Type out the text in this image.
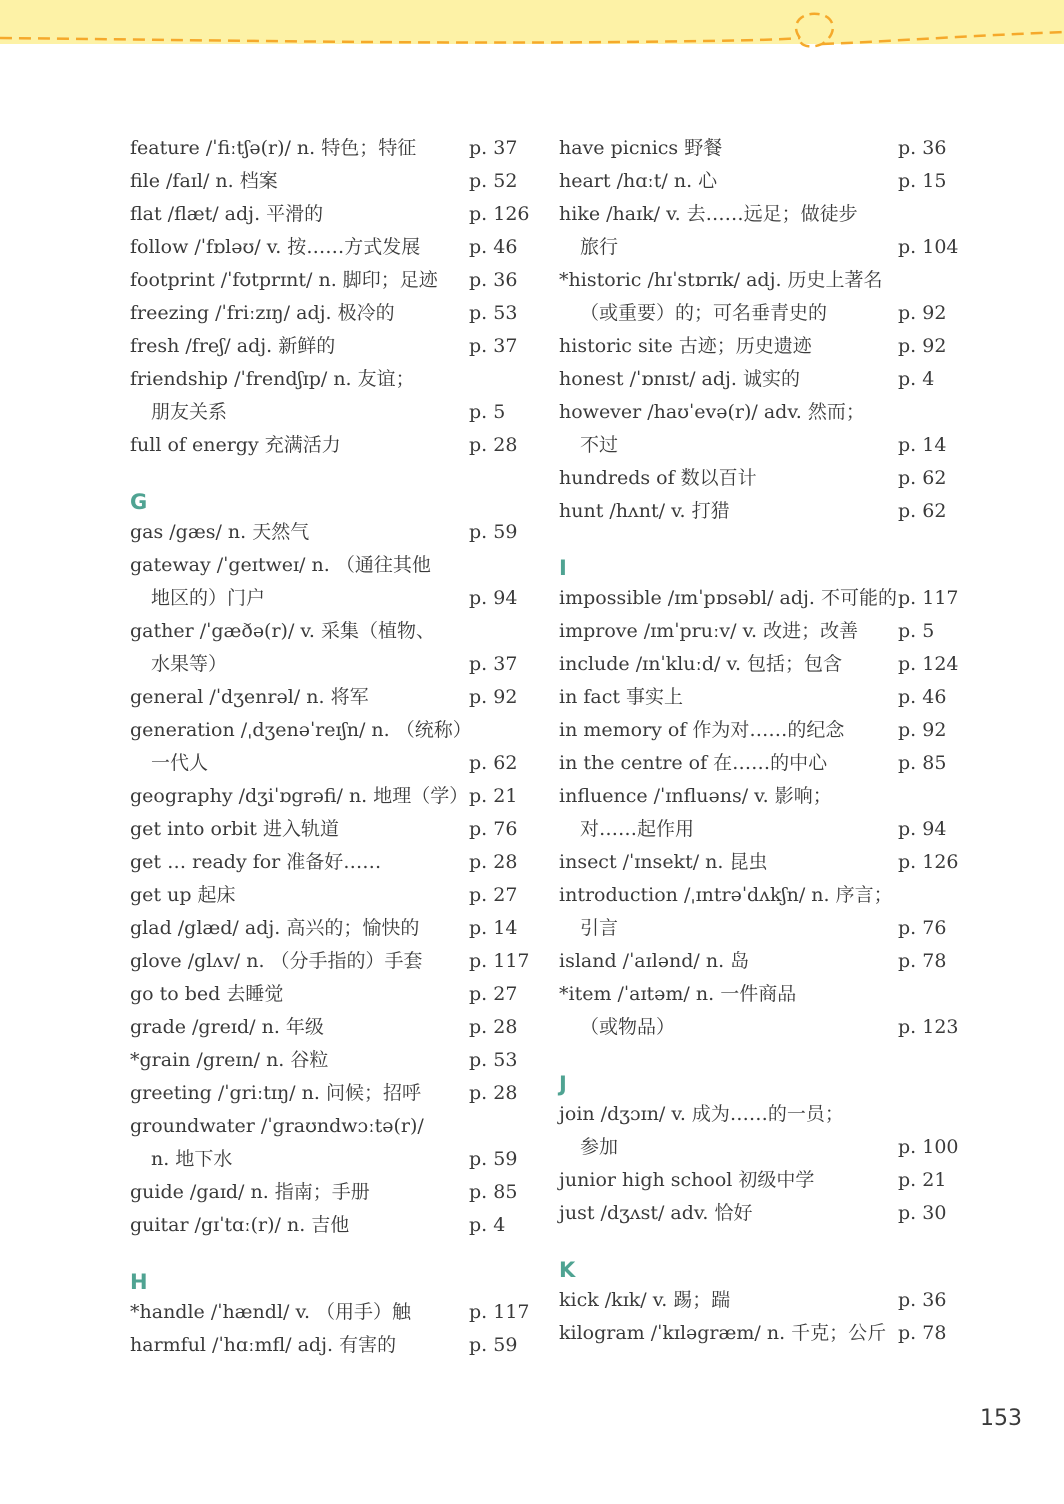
feature /ˈfiːtʃə(r)/ n. 特色；特征	p. 37
file /faɪl/ n. 档案	p. 52
flat /flæt/ adj. 平滑的	p. 126
follow /ˈfɒləʊ/ v. 按……方式发展	p. 46
footprint /ˈfʊtprɪnt/ n. 脚印；足迹 p. 36
freezing /ˈfriːzɪŋ/ adj. 极冷的	p. 53
fresh /freʃ/ adj. 新鲜的	p. 37
friendship /ˈfrendʃɪp/ n. 友谊；
朋友关系	p. 5
full of energy 充满活力	p. 28
G
gas /gæs/ n. 天然气	p. 59
gateway /ˈgeɪtweɪ/ n. （通往其他
地区的）门户	p. 94
gather /ˈgæðə(r)/ v. 采集（植物、
水果等）	p. 37
general /ˈdʒenrəl/ n. 将军	p. 92
generation /ˌdʒenəˈreɪʃn/ n. （统称）
一代人	p. 62
geography /dʒiˈɒgrəfi/ n. 地理（学） p. 21
get into orbit 进入轨道	p. 76
get … ready for 准备好……	p. 28
get up 起床	p. 27
glad /glæd/ adj. 高兴的；愉快的	p. 14
glove /glʌv/ n. （分手指的）手套 p. 117
go to bed 去睡觉	p. 27
grade /greɪd/ n. 年级	p. 28
*grain /greɪn/ n. 谷粒	p. 53
greeting /ˈgriːtɪŋ/ n. 问候；招呼	p. 28
groundwater /ˈgraʊndwɔːtə(r)/
n. 地下水	p. 59
guide /gaɪd/ n. 指南；手册	p. 85
guitar /gɪˈtɑː(r)/ n. 吉他	p. 4
H
*handle /ˈhændl/ v. （用手）触	p. 117
harmful /ˈhɑːmfl/ adj. 有害的	p. 59
have picnics 野餐	p. 36
heart /hɑːt/ n. 心	p. 15
hike /haɪk/ v. 去……远足；做徒步
旅行	p. 104
*historic /hɪˈstɒrɪk/ adj. 历史上著名
（或重要）的；可名垂青史的	p. 92
historic site 古迹；历史遗迹	p. 92
honest /ˈɒnɪst/ adj. 诚实的	p. 4
however /haʊˈevə(r)/ adv. 然而；
不过	p. 14
hundreds of 数以百计	p. 62
hunt /hʌnt/ v. 打猎	p. 62
I
impossible /ɪmˈpɒsəbl/ adj. 不可能的 p. 117
improve /ɪmˈpruːv/ v. 改进；改善 p. 5
include /ɪnˈkluːd/ v. 包括；包含	p. 124
in fact 事实上	p. 46
in memory of 作为对……的纪念	p. 92
in the centre of 在……的中心	p. 85
influence /ˈɪnfluəns/ v. 影响；
对……起作用	p. 94
insect /ˈɪnsekt/ n. 昆虫	p. 126
introduction /ˌɪntrəˈdʌkʃn/ n. 序言；
引言	p. 76
island /ˈaɪlənd/ n. 岛	p. 78
*item /ˈaɪtəm/ n. 一件商品
（或物品）	p. 123
J
join /dʒɔɪn/ v. 成为……的一员；
参加	p. 100
junior high school 初级中学	p. 21
just /dʒʌst/ adv. 恰好	p. 30
K
kick /kɪk/ v. 踢；踹	p. 36
kilogram /ˈkɪləgræm/ n. 千克；公斤 p. 78
153
